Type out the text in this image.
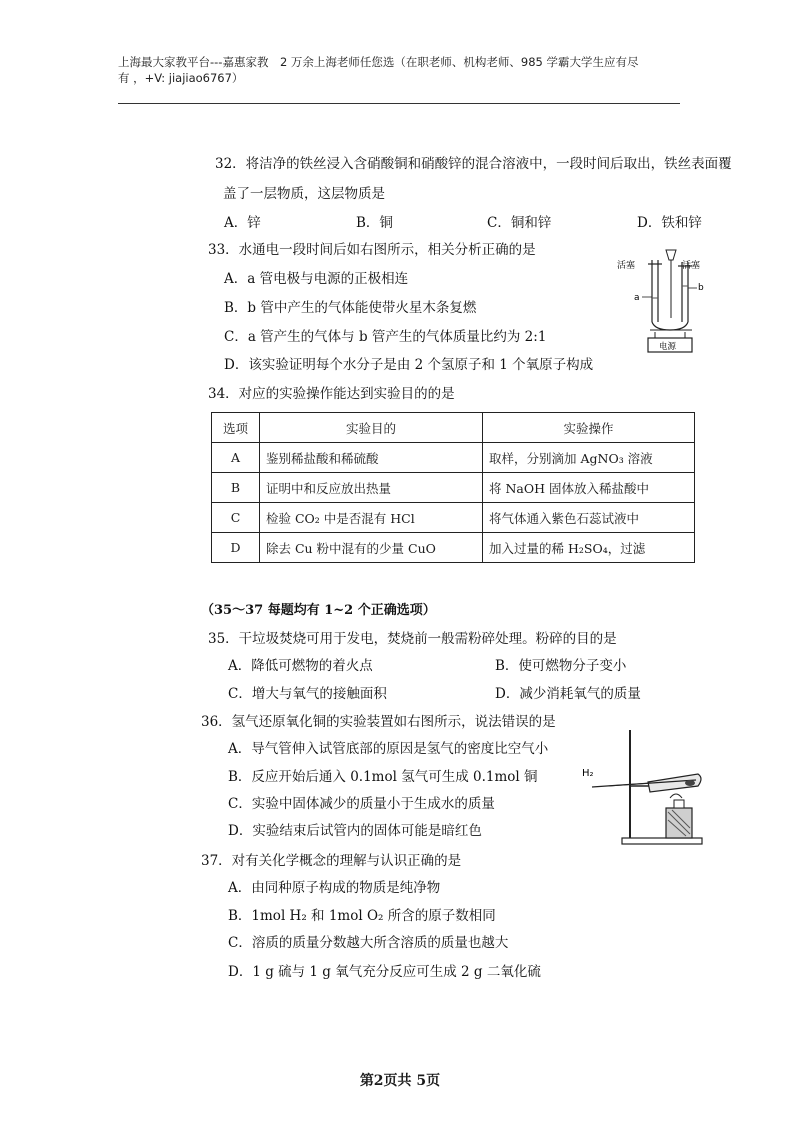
上海最大家教平台---嘉惠家教　2 万余上海老师任您选（在职老师、机构老师、985 学霸大学生应有尽
有 ，+V: jiajiao6767）
32．将洁净的铁丝浸入含硝酸铜和硝酸锌的混合溶液中，一段时间后取出，铁丝表面覆
盖了一层物质，这层物质是
A．锌	B．铜	C．铜和锌	D．铁和锌
33．水通电一段时间后如右图所示，相关分析正确的是
A．a 管电极与电源的正极相连
B．b 管中产生的气体能使带火星木条复燃
C．a 管产生的气体与 b 管产生的气体质量比约为 2:1
D．该实验证明每个水分子是由 2 个氢原子和 1 个氧原子构成
活塞	活塞
a
b
电源
34．对应的实验操作能达到实验目的的是
选项	实验目的	实验操作
A	鉴别稀盐酸和稀硫酸	取样，分别滴加 AgNO₃ 溶液
B	证明中和反应放出热量	将 NaOH 固体放入稀盐酸中
C	检验 CO₂ 中是否混有 HCl	将气体通入紫色石蕊试液中
D	除去 Cu 粉中混有的少量 CuO	加入过量的稀 H₂SO₄，过滤
（35～37 每题均有 1~2 个正确选项）
35．干垃圾焚烧可用于发电，焚烧前一般需粉碎处理。粉碎的目的是
A．降低可燃物的着火点	B．使可燃物分子变小
C．增大与氧气的接触面积	D．减少消耗氧气的质量
36．氢气还原氧化铜的实验装置如右图所示，说法错误的是
A．导气管伸入试管底部的原因是氢气的密度比空气小
B．反应开始后通入 0.1mol 氢气可生成 0.1mol 铜
C．实验中固体减少的质量小于生成水的质量
D．实验结束后试管内的固体可能是暗红色
H₂
37．对有关化学概念的理解与认识正确的是
A．由同种原子构成的物质是纯净物
B．1mol H₂ 和 1mol O₂ 所含的原子数相同
C．溶质的质量分数越大所含溶质的质量也越大
D．1 g 硫与 1 g 氧气充分反应可生成 2 g 二氧化硫
第2页共 5页
